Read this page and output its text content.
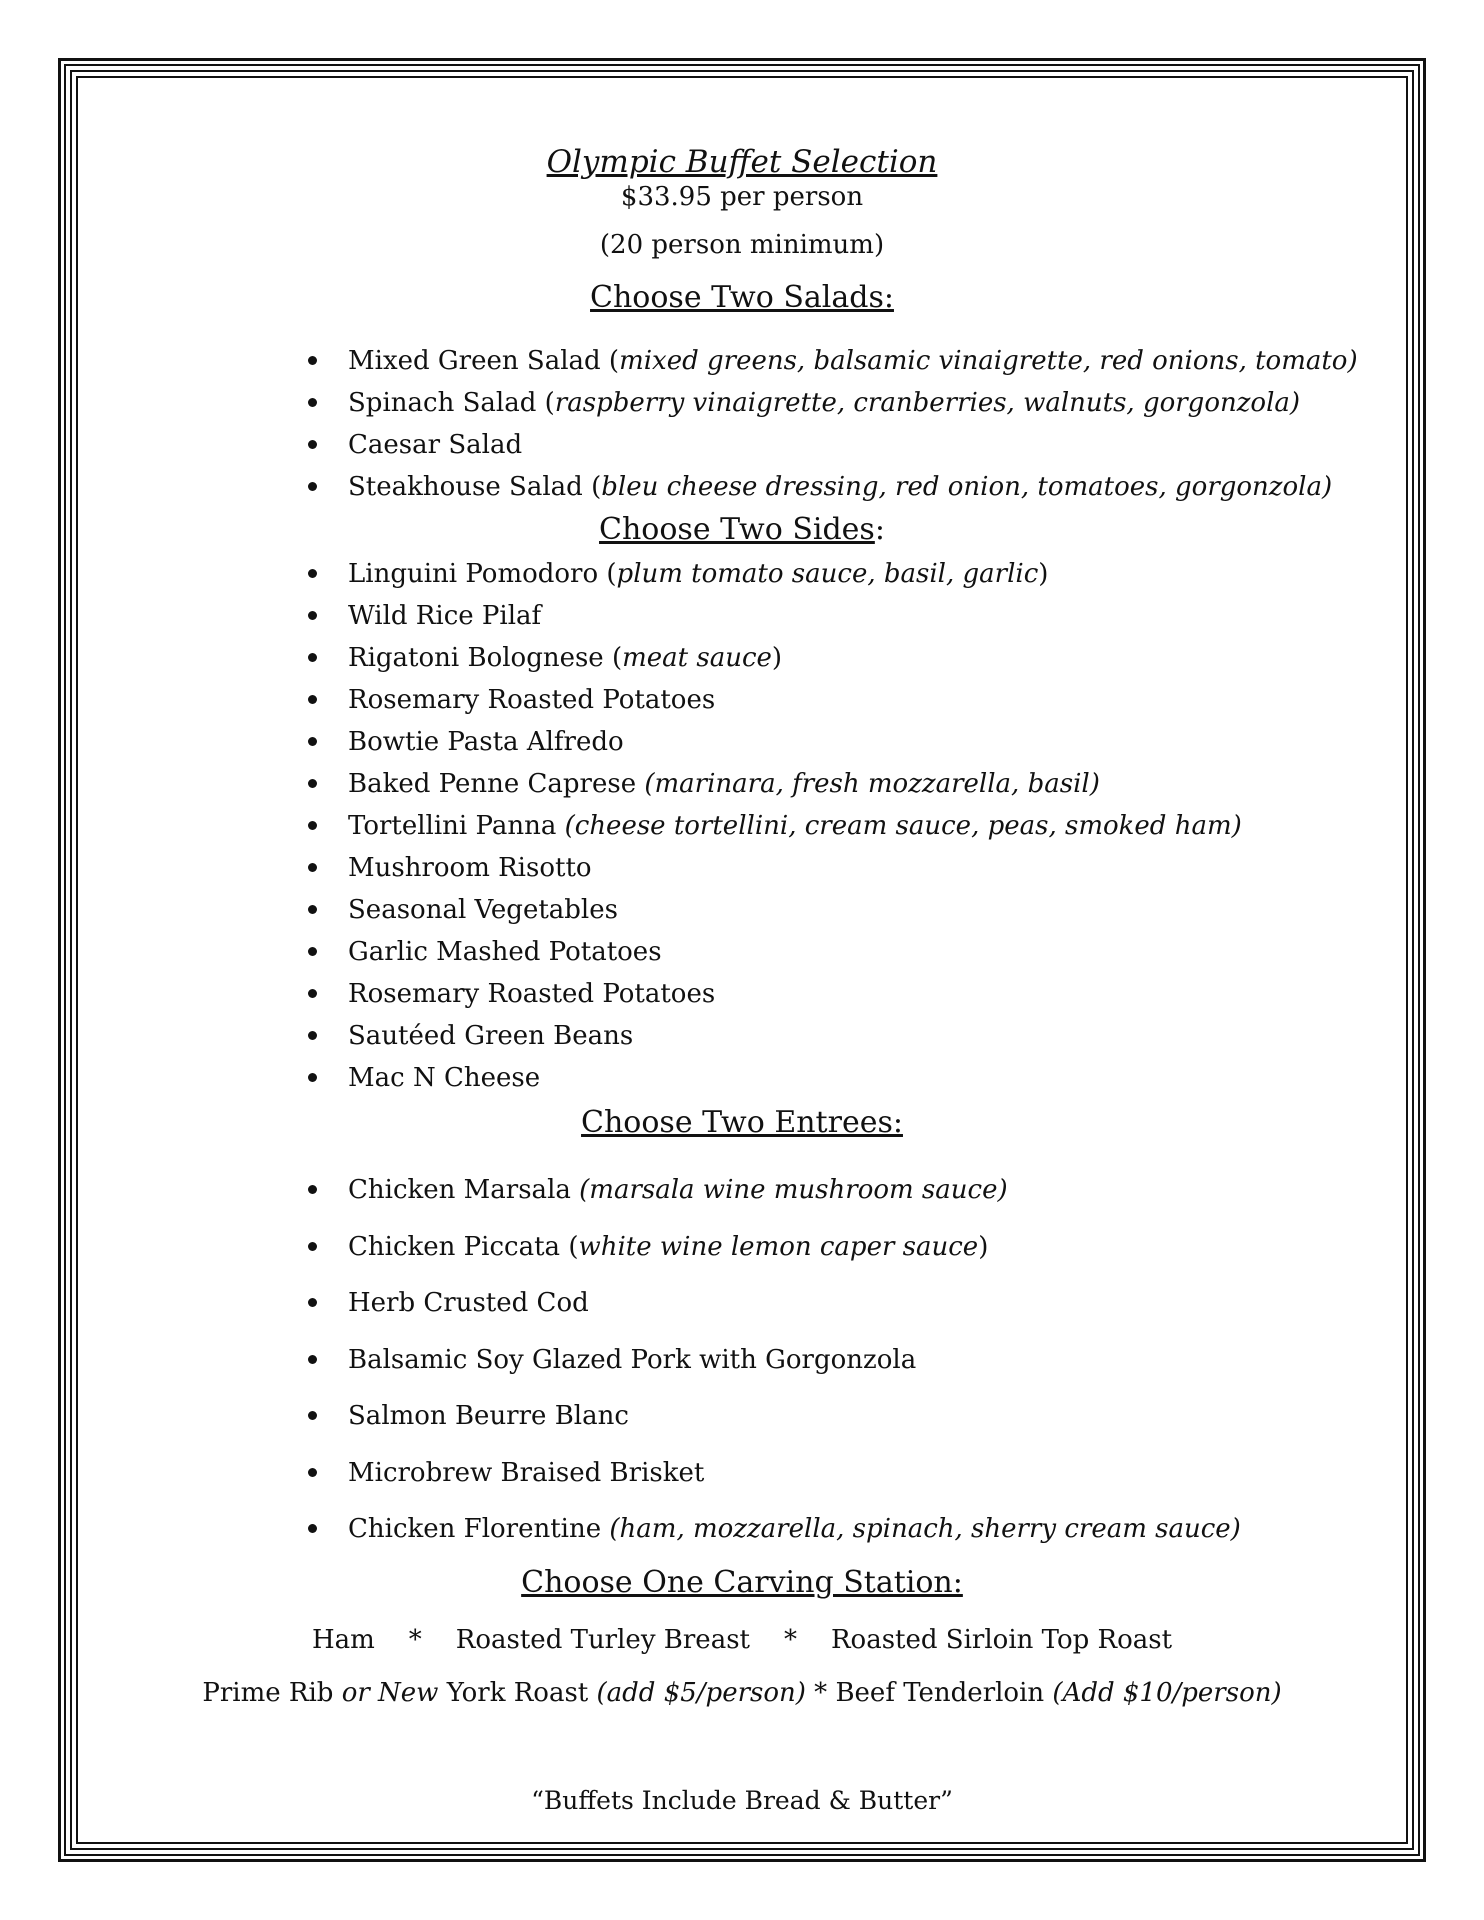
Olympic Buffet Selection
$33.95 per person
(20 person minimum)
Choose Two Salads:
Mixed Green Salad (mixed greens, balsamic vinaigrette, red onions, tomato)
Spinach Salad (raspberry vinaigrette, cranberries, walnuts, gorgonzola)
Caesar Salad
Steakhouse Salad (bleu cheese dressing, red onion, tomatoes, gorgonzola)
Choose Two Sides:
Linguini Pomodoro (plum tomato sauce, basil, garlic)
Wild Rice Pilaf
Rigatoni Bolognese (meat sauce)
Rosemary Roasted Potatoes
Bowtie Pasta Alfredo
Baked Penne Caprese (marinara, fresh mozzarella, basil)
Tortellini Panna (cheese tortellini, cream sauce, peas, smoked ham)
Mushroom Risotto
Seasonal Vegetables
Garlic Mashed Potatoes
Rosemary Roasted Potatoes
Sautéed Green Beans
Mac N Cheese
Choose Two Entrees:
Chicken Marsala (marsala wine mushroom sauce)
Chicken Piccata (white wine lemon caper sauce)
Herb Crusted Cod
Balsamic Soy Glazed Pork with Gorgonzola
Salmon Beurre Blanc
Microbrew Braised Brisket
Chicken Florentine (ham, mozzarella, spinach, sherry cream sauce)
Choose One Carving Station:
Ham * Roasted Turley Breast * Roasted Sirloin Top Roast
Prime Rib or New York Roast (add $5/person) * Beef Tenderloin (Add $10/person)
“Buffets Include Bread & Butter”
